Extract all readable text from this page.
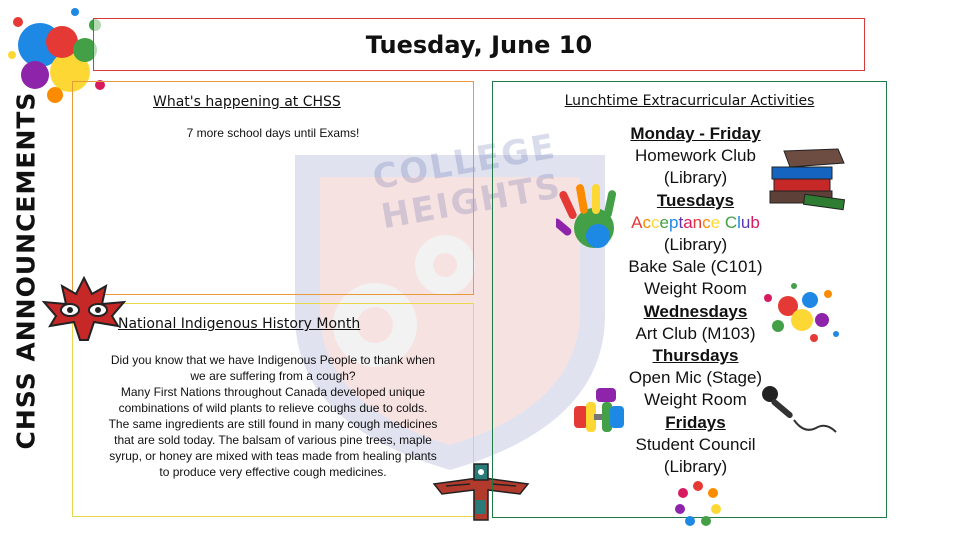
COLLEGE HEIGHTS
CHSS ANNOUNCEMENTS
Tuesday, June 10
What's happening at CHSS
7 more school days until Exams!
National Indigenous History Month
Did you know that we have Indigenous People to thank when
we are suffering from a cough?
Many First Nations throughout Canada developed unique
combinations of wild plants to relieve coughs due to colds.
The same ingredients are still found in many cough medicines
that are sold today. The balsam of various pine trees, maple
syrup, or honey are mixed with teas made from healing plants
to produce very effective cough medicines.
Lunchtime Extracurricular Activities
Monday - Friday
Homework Club
(Library)
Tuesdays
Acceptance Club
(Library)
Bake Sale (C101)
Weight Room
Wednesdays
Art Club (M103)
Thursdays
Open Mic (Stage)
Weight Room
Fridays
Student Council
(Library)
